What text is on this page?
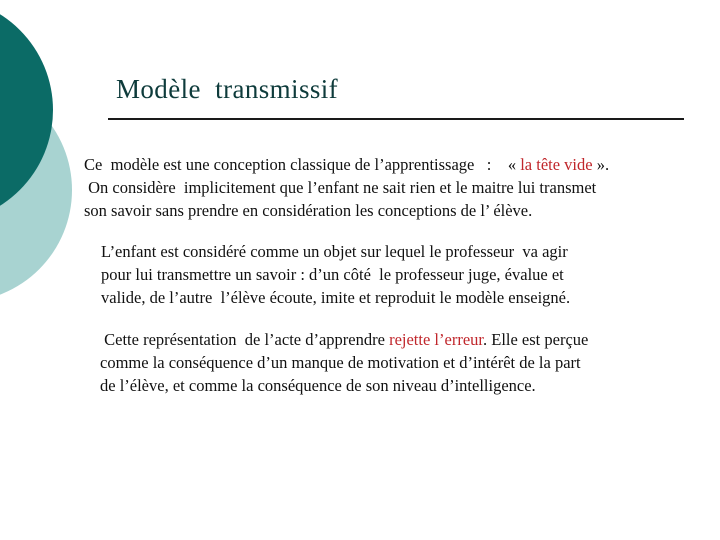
Modèle  transmissif
Ce  modèle est une conception classique de l’apprentissage   :    « la tête vide ».
On considère  implicitement que l’enfant ne sait rien et le maitre lui transmet
son savoir sans prendre en considération les conceptions de l’ élève.
L’enfant est considéré comme un objet sur lequel le professeur  va agir
pour lui transmettre un savoir : d’un côté  le professeur juge, évalue et
valide, de l’autre  l’élève écoute, imite et reproduit le modèle enseigné.
Cette représentation  de l’acte d’apprendre rejette l’erreur. Elle est perçue
comme la conséquence d’un manque de motivation et d’intérêt de la part
de l’élève, et comme la conséquence de son niveau d’intelligence.
